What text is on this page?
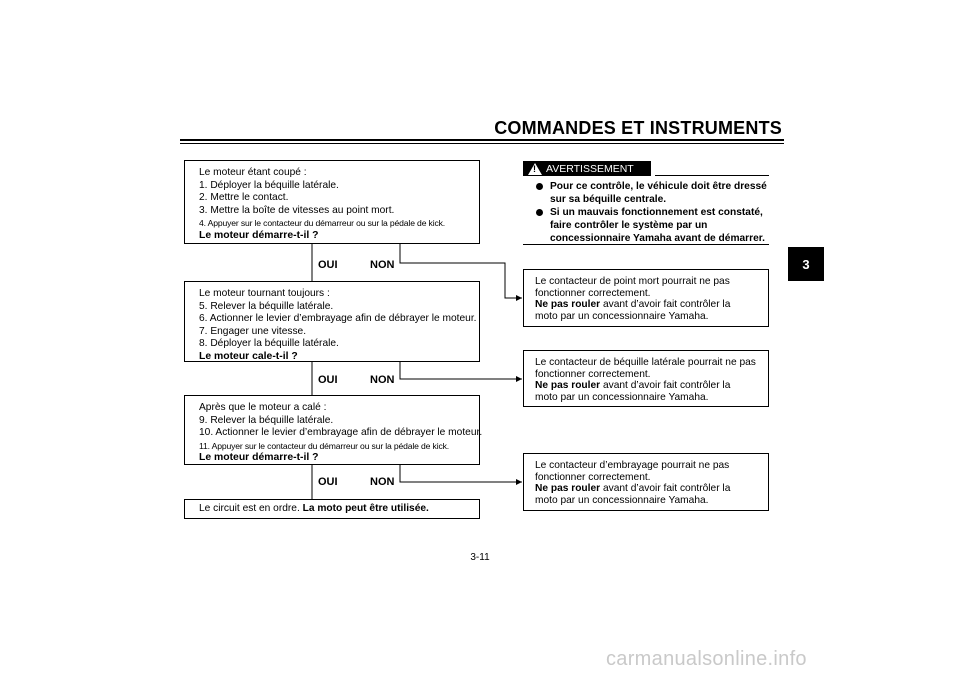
COMMANDES ET INSTRUMENTS
3
Le moteur étant coupé :
1. Déployer la béquille latérale.
2. Mettre le contact.
3. Mettre la boîte de vitesses au point mort.
4. Appuyer sur le contacteur du démarreur ou sur la pédale de kick.
Le moteur démarre-t-il ?
OUI	NON
Le moteur tournant toujours :
5. Relever la béquille latérale.
6. Actionner le levier d’embrayage afin de débrayer le moteur.
7. Engager une vitesse.
8. Déployer la béquille latérale.
Le moteur cale-t-il ?
OUI	NON
Après que le moteur a calé :
9. Relever la béquille latérale.
10. Actionner le levier d’embrayage afin de débrayer le moteur.
11. Appuyer sur le contacteur du démarreur ou sur la pédale de kick.
Le moteur démarre-t-il ?
OUI	NON
Le circuit est en ordre. La moto peut être utilisée.
! AVERTISSEMENT
Pour ce contrôle, le véhicule doit être dressé sur sa béquille centrale.
Si un mauvais fonctionnement est constaté, faire contrôler le système par un concessionnaire Yamaha avant de démarrer.
Le contacteur de point mort pourrait ne pas
fonctionner correctement.
Ne pas rouler avant d’avoir fait contrôler la
moto par un concessionnaire Yamaha.
Le contacteur de béquille latérale pourrait ne pas
fonctionner correctement.
Ne pas rouler avant d’avoir fait contrôler la
moto par un concessionnaire Yamaha.
Le contacteur d’embrayage pourrait ne pas
fonctionner correctement.
Ne pas rouler avant d’avoir fait contrôler la
moto par un concessionnaire Yamaha.
3-11
carmanualsonline.info
